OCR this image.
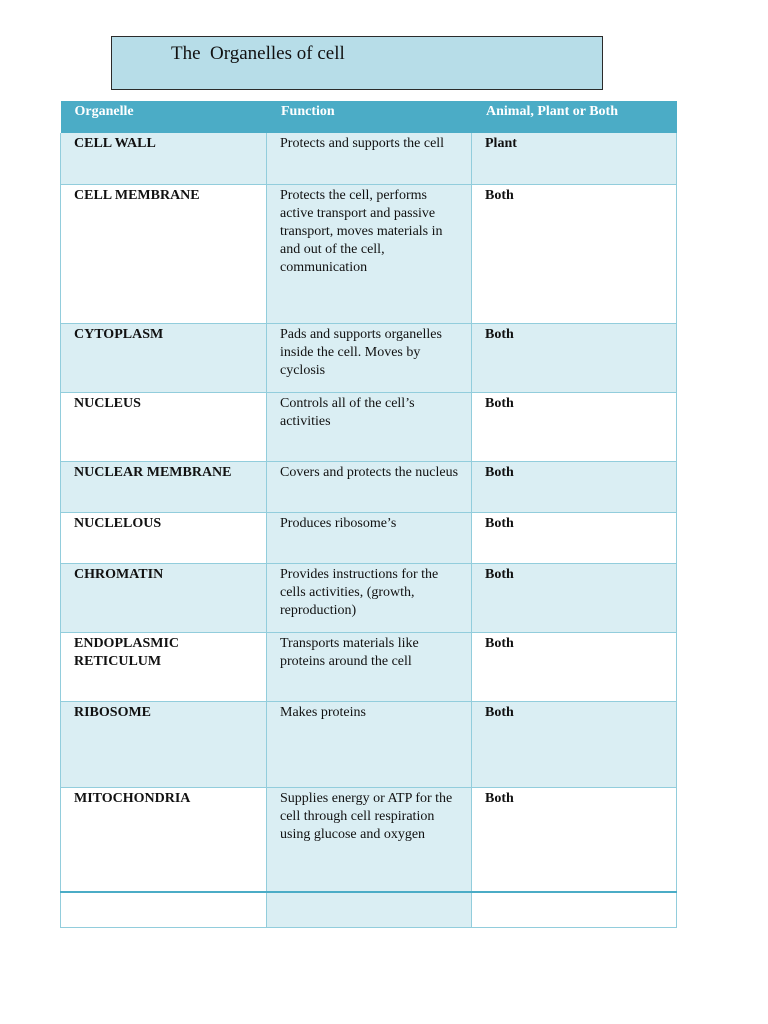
The  Organelles of cell
Organelle	Function	Animal, Plant or Both
CELL WALL	Protects and supports the cell	Plant
CELL MEMBRANE	Protects the cell, performs active transport and passive transport, moves materials in and out of the cell, communication	Both
CYTOPLASM	Pads and supports organelles inside the cell. Moves by cyclosis	Both
NUCLEUS	Controls all of the cell’s activities	Both
NUCLEAR MEMBRANE	Covers and protects the nucleus	Both
NUCLELOUS	Produces ribosome’s	Both
CHROMATIN	Provides instructions for the cells activities, (growth, reproduction)	Both
ENDOPLASMIC RETICULUM	Transports materials like proteins around the cell	Both
RIBOSOME	Makes proteins	Both
MITOCHONDRIA	Supplies energy or ATP for the cell through cell respiration using glucose and oxygen	Both
